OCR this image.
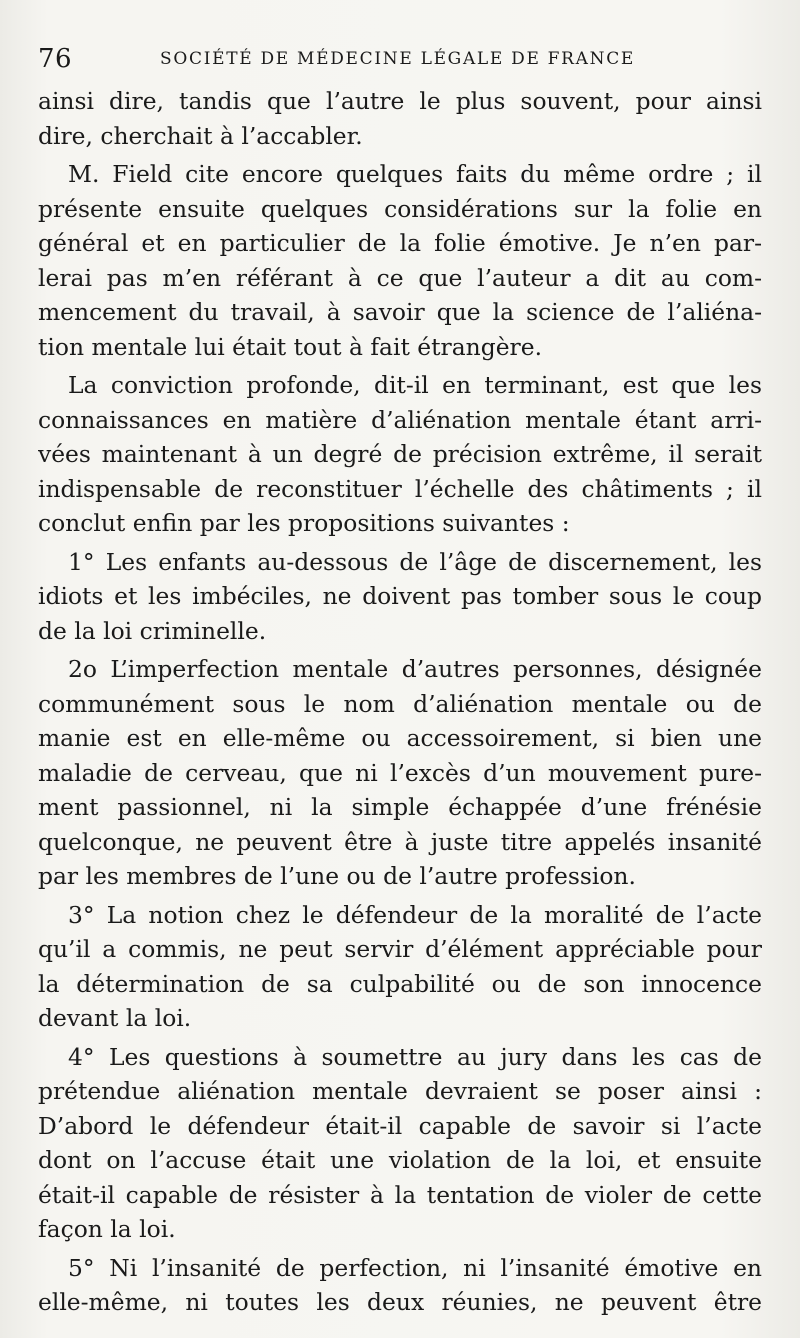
76	SOCIÉTÉ DE MÉDECINE LÉGALE DE FRANCE
ainsi dire, tandis que l’autre le plus souvent, pour ainsi
dire, cherchait à l’accabler.
M. Field cite encore quelques faits du même ordre ; il
présente ensuite quelques considérations sur la folie en
général et en particulier de la folie émotive. Je n’en par-
lerai pas m’en référant à ce que l’auteur a dit au com-
mencement du travail, à savoir que la science de l’aliéna-
tion mentale lui était tout à fait étrangère.
La conviction profonde, dit-il en terminant, est que les
connaissances en matière d’aliénation mentale étant arri-
vées maintenant à un degré de précision extrême, il serait
indispensable de reconstituer l’échelle des châtiments ; il
conclut enfin par les propositions suivantes :
1° Les enfants au-dessous de l’âge de discernement, les
idiots et les imbéciles, ne doivent pas tomber sous le coup
de la loi criminelle.
2o L’imperfection mentale d’autres personnes, désignée
communément sous le nom d’aliénation mentale ou de
manie est en elle-même ou accessoirement, si bien une
maladie de cerveau, que ni l’excès d’un mouvement pure-
ment passionnel, ni la simple échappée d’une frénésie
quelconque, ne peuvent être à juste titre appelés insanité
par les membres de l’une ou de l’autre profession.
3° La notion chez le défendeur de la moralité de l’acte
qu’il a commis, ne peut servir d’élément appréciable pour
la détermination de sa culpabilité ou de son innocence
devant la loi.
4° Les questions à soumettre au jury dans les cas de
prétendue aliénation mentale devraient se poser ainsi :
D’abord le défendeur était-il capable de savoir si l’acte
dont on l’accuse était une violation de la loi, et ensuite
était-il capable de résister à la tentation de violer de cette
façon la loi.
5° Ni l’insanité de perfection, ni l’insanité émotive en
elle-même, ni toutes les deux réunies, ne peuvent être
